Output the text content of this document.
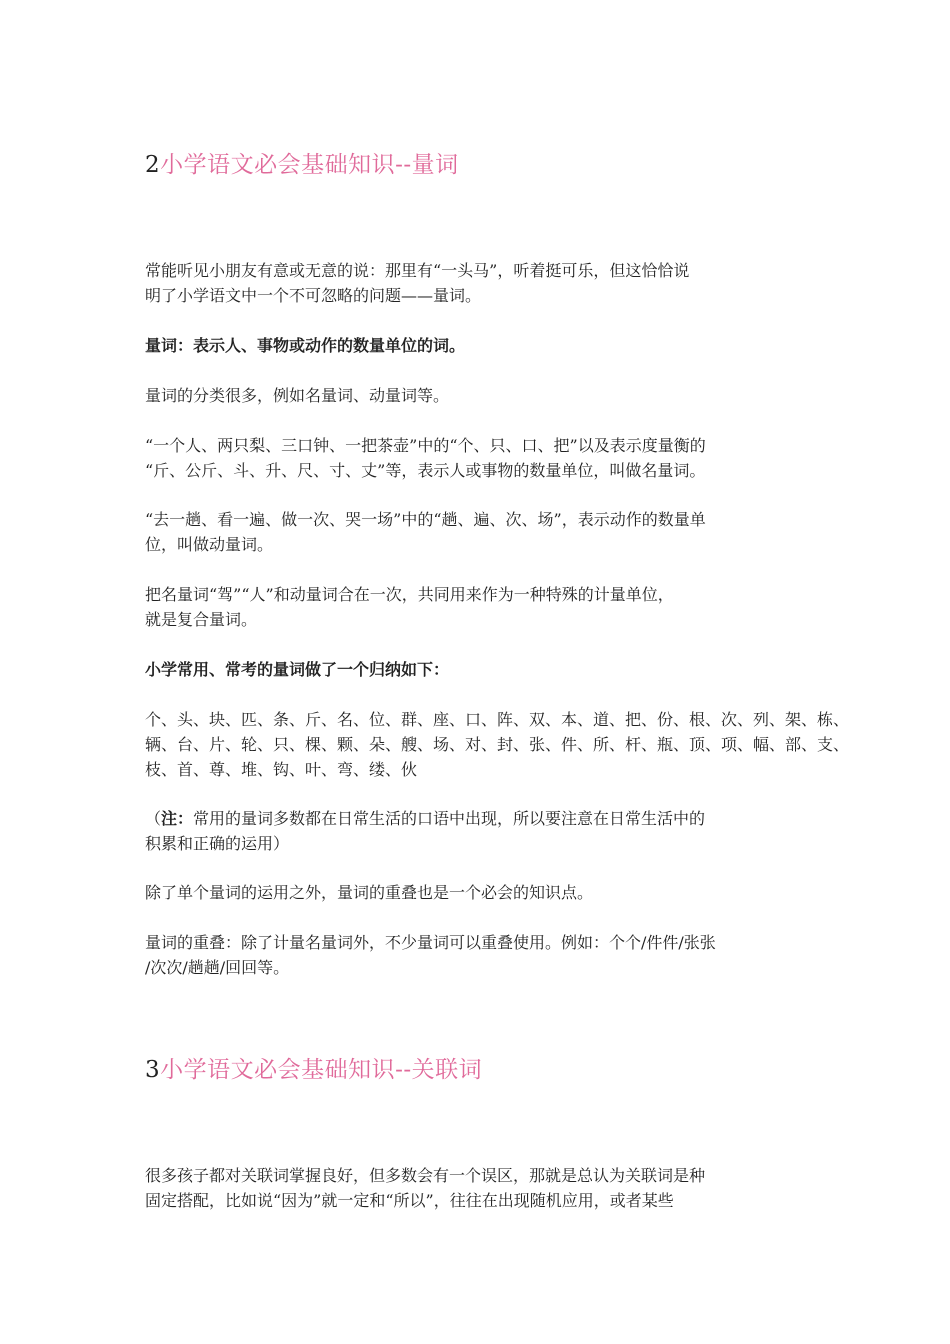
2小学语文必会基础知识--量词
常能听见小朋友有意或无意的说：那里有“一头马”，听着挺可乐，但这恰恰说
明了小学语文中一个不可忽略的问题——量词。
量词：表示人、事物或动作的数量单位的词。
量词的分类很多，例如名量词、动量词等。
“一个人、两只梨、三口钟、一把茶壶”中的“个、只、口、把”以及表示度量衡的
“斤、公斤、斗、升、尺、寸、丈”等，表示人或事物的数量单位，叫做名量词。
“去一趟、看一遍、做一次、哭一场”中的“趟、遍、次、场”，表示动作的数量单
位，叫做动量词。
把名量词“驾”“人”和动量词合在一次，共同用来作为一种特殊的计量单位，
就是复合量词。
小学常用、常考的量词做了一个归纳如下：
个、头、块、匹、条、斤、名、位、群、座、口、阵、双、本、道、把、份、根、次、列、架、栋、
辆、台、片、轮、只、棵、颗、朵、艘、场、对、封、张、件、所、杆、瓶、顶、项、幅、部、支、
枝、首、尊、堆、钩、叶、弯、缕、伙
（注：常用的量词多数都在日常生活的口语中出现，所以要注意在日常生活中的
积累和正确的运用）
除了单个量词的运用之外，量词的重叠也是一个必会的知识点。
量词的重叠：除了计量名量词外，不少量词可以重叠使用。例如：个个/件件/张张
/次次/趟趟/回回等。
3小学语文必会基础知识--关联词
很多孩子都对关联词掌握良好，但多数会有一个误区，那就是总认为关联词是种
固定搭配，比如说“因为”就一定和“所以”，往往在出现随机应用，或者某些
